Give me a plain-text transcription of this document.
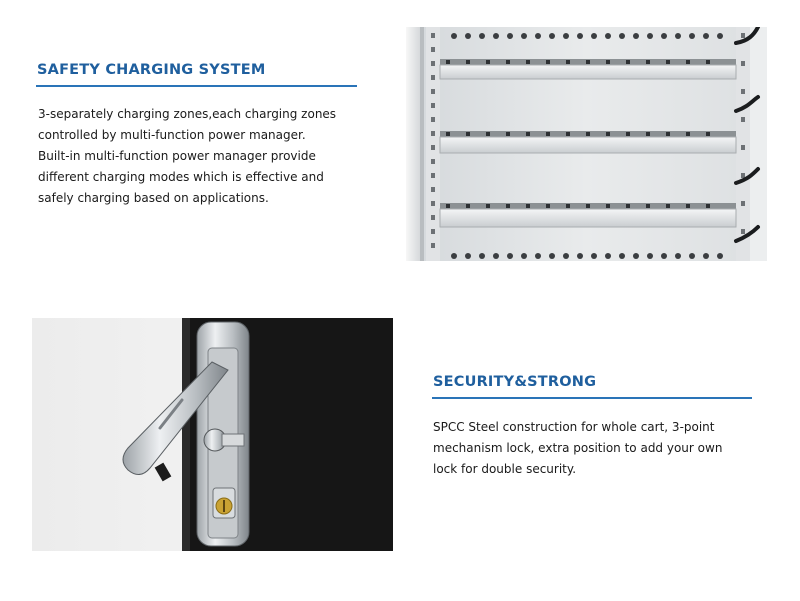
SAFETY CHARGING SYSTEM
3-separately charging zones,each charging zones
controlled by multi-function power manager.
Built-in multi-function power manager provide
different charging modes which is effective and
safely charging based on applications.
SECURITY&STRONG
SPCC Steel construction for whole cart, 3-point
mechanism lock, extra position to add your own
lock for double security.
